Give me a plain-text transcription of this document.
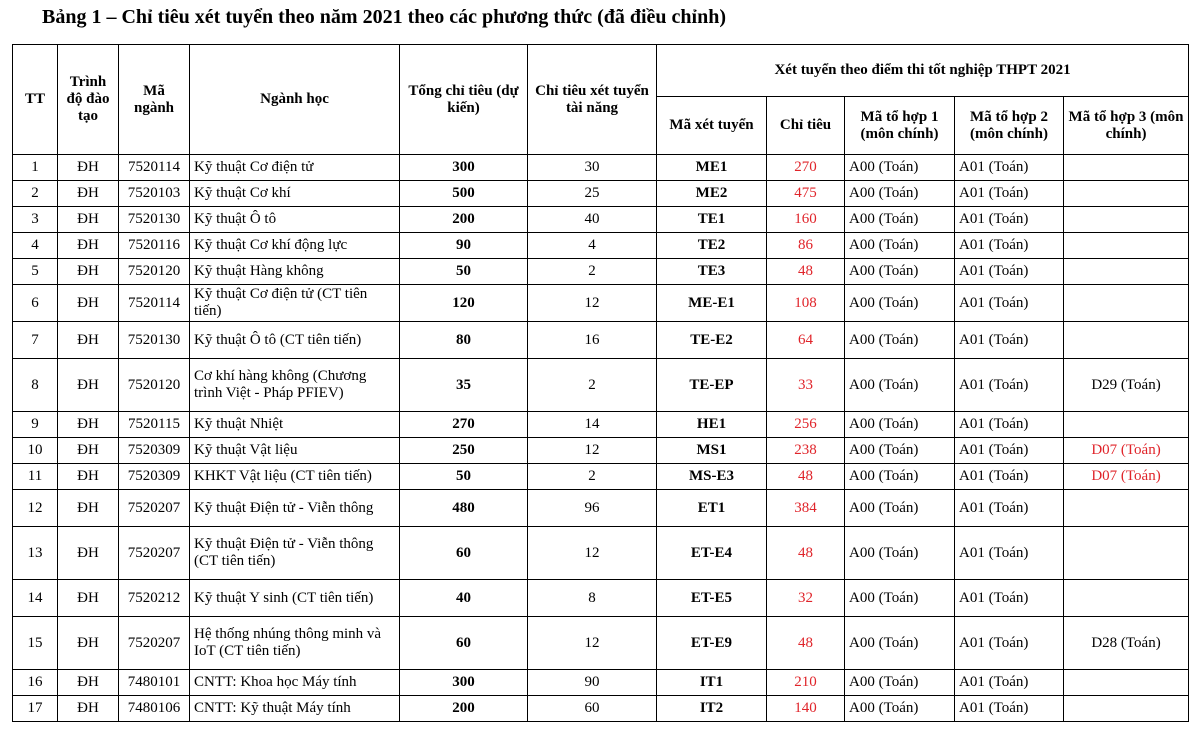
Bảng 1 – Chỉ tiêu xét tuyển theo năm 2021 theo các phương thức (đã điều chỉnh)
TT	Trình độ đào tạo	Mã ngành	Ngành học	Tổng chỉ tiêu (dự kiến)	Chỉ tiêu xét tuyển tài năng	Xét tuyển theo điểm thi tốt nghiệp THPT 2021				
						Mã xét tuyển	Chỉ tiêu	Mã tổ hợp 1 (môn chính)	Mã tổ hợp 2 (môn chính)	Mã tổ hợp 3 (môn chính)
1	ĐH	7520114	Kỹ thuật Cơ điện tử	300	30	ME1	270	A00 (Toán)	A01 (Toán)	
2	ĐH	7520103	Kỹ thuật Cơ khí	500	25	ME2	475	A00 (Toán)	A01 (Toán)	
3	ĐH	7520130	Kỹ thuật Ô tô	200	40	TE1	160	A00 (Toán)	A01 (Toán)	
4	ĐH	7520116	Kỹ thuật Cơ khí động lực	90	4	TE2	86	A00 (Toán)	A01 (Toán)	
5	ĐH	7520120	Kỹ thuật Hàng không	50	2	TE3	48	A00 (Toán)	A01 (Toán)	
6	ĐH	7520114	Kỹ thuật Cơ điện tử (CT tiên tiến)	120	12	ME-E1	108	A00 (Toán)	A01 (Toán)	
7	ĐH	7520130	Kỹ thuật Ô tô (CT tiên tiến)	80	16	TE-E2	64	A00 (Toán)	A01 (Toán)	
8	ĐH	7520120	Cơ khí hàng không (Chương trình Việt - Pháp PFIEV)	35	2	TE-EP	33	A00 (Toán)	A01 (Toán)	D29 (Toán)
9	ĐH	7520115	Kỹ thuật Nhiệt	270	14	HE1	256	A00 (Toán)	A01 (Toán)	
10	ĐH	7520309	Kỹ thuật Vật liệu	250	12	MS1	238	A00 (Toán)	A01 (Toán)	D07 (Toán)
11	ĐH	7520309	KHKT Vật liệu (CT tiên tiến)	50	2	MS-E3	48	A00 (Toán)	A01 (Toán)	D07 (Toán)
12	ĐH	7520207	Kỹ thuật Điện tử - Viễn thông	480	96	ET1	384	A00 (Toán)	A01 (Toán)	
13	ĐH	7520207	Kỹ thuật Điện tử - Viễn thông (CT tiên tiến)	60	12	ET-E4	48	A00 (Toán)	A01 (Toán)	
14	ĐH	7520212	Kỹ thuật Y sinh (CT tiên tiến)	40	8	ET-E5	32	A00 (Toán)	A01 (Toán)	
15	ĐH	7520207	Hệ thống nhúng thông minh và IoT (CT tiên tiến)	60	12	ET-E9	48	A00 (Toán)	A01 (Toán)	D28 (Toán)
16	ĐH	7480101	CNTT: Khoa học Máy tính	300	90	IT1	210	A00 (Toán)	A01 (Toán)	
17	ĐH	7480106	CNTT: Kỹ thuật Máy tính	200	60	IT2	140	A00 (Toán)	A01 (Toán)	
